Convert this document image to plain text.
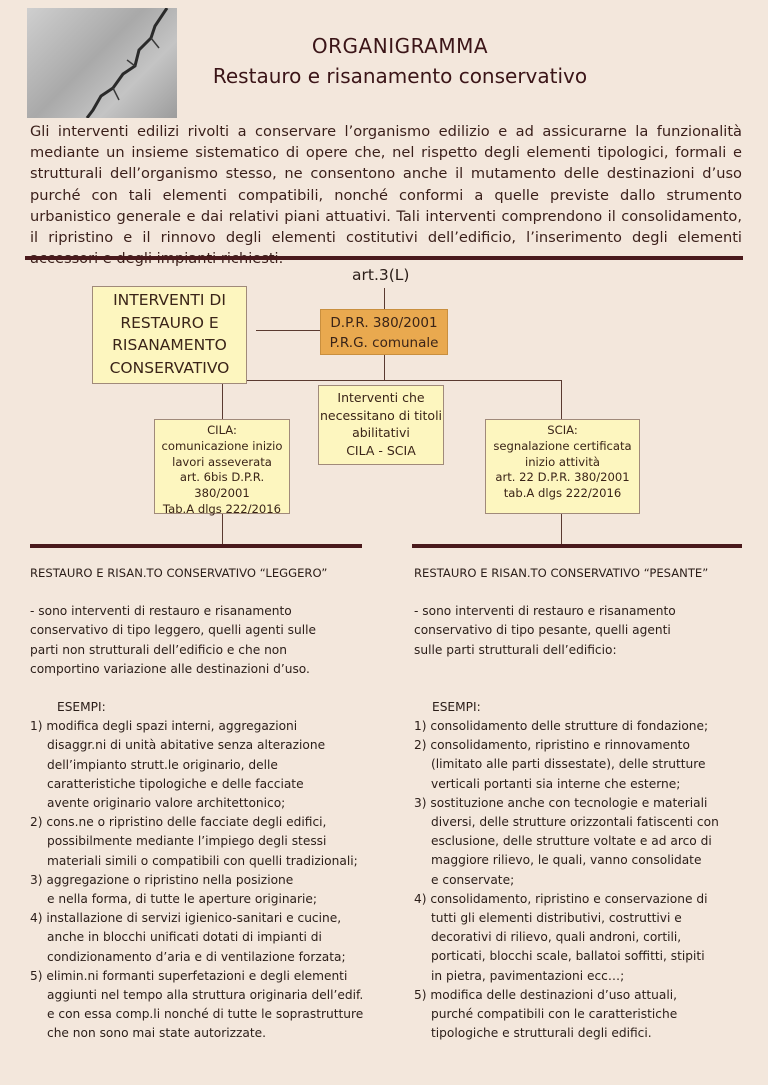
ORGANIGRAMMA
Restauro e risanamento conservativo
Gli interventi edilizi rivolti a conservare l’organismo edilizio e ad assicurarne la funzionalità mediante un insieme sistematico di opere che, nel rispetto degli elementi tipologici, formali e strutturali dell’organismo stesso, ne consentono anche il mutamento delle destinazioni d’uso purché con tali elementi compatibili, nonché conformi a quelle previste dallo strumento urbanistico generale e dai relativi piani attuativi. Tali interventi comprendono il consolidamento, il ripristino e il rinnovo degli elementi costitutivi dell’edificio, l’inserimento degli elementi
art.3(L)
INTERVENTI DI
RESTAURO E
RISANAMENTO
CONSERVATIVO
D.P.R. 380/2001
P.R.G. comunale
Interventi che
necessitano di titoli
abilitativi
CILA - SCIA
CILA:
comunicazione inizio
lavori asseverata
art. 6bis D.P.R. 380/2001
Tab.A dlgs 222/2016
SCIA:
segnalazione certificata
inizio attività
art. 22 D.P.R. 380/2001
tab.A dlgs 222/2016

RESTAURO E RISAN.TO CONSERVATIVO “LEGGERO”

- sono interventi di restauro e risanamento

conservativo di tipo leggero, quelli agenti sulle

parti non strutturali dell’edificio e che non

comportino variazione alle destinazioni d’uso.

ESEMPI:

1) modifica degli spazi interni, aggregazioni

disaggr.ni di unità abitative senza alterazione

dell’impianto strutt.le originario, delle

caratteristiche tipologiche e delle facciate

avente originario valore architettonico;

2) cons.ne o ripristino delle facciate degli edifici,

possibilmente mediante l’impiego degli stessi

materiali simili o compatibili con quelli tradizionali;

3) aggregazione o ripristino nella posizione

e nella forma, di tutte le aperture originarie;

4) installazione di servizi igienico-sanitari e cucine,

anche in blocchi unificati dotati di impianti di

condizionamento d’aria e di ventilazione forzata;

5) elimin.ni formanti superfetazioni e degli elementi

aggiunti nel tempo alla struttura originaria dell’edif.

e con essa comp.li nonché di tutte le soprastrutture

che non sono mai state autorizzate.

RESTAURO E RISAN.TO CONSERVATIVO “PESANTE”

- sono interventi di restauro e risanamento

conservativo di tipo pesante, quelli agenti

sulle parti strutturali dell’edificio:

ESEMPI:

1) consolidamento delle strutture di fondazione;

2) consolidamento, ripristino e rinnovamento

(limitato alle parti dissestate), delle strutture

verticali portanti sia interne che esterne;

3) sostituzione anche con tecnologie e materiali

diversi, delle strutture orizzontali fatiscenti con

esclusione, delle strutture voltate e ad arco di

maggiore rilievo, le quali, vanno consolidate

e conservate;

4) consolidamento, ripristino e conservazione di

tutti gli elementi distributivi, costruttivi e

decorativi di rilievo, quali androni, cortili,

porticati, blocchi scale, ballatoi soffitti, stipiti

in pietra, pavimentazioni ecc…;

5) modifica delle destinazioni d’uso attuali,

purché compatibili con le caratteristiche

tipologiche e strutturali degli edifici.
